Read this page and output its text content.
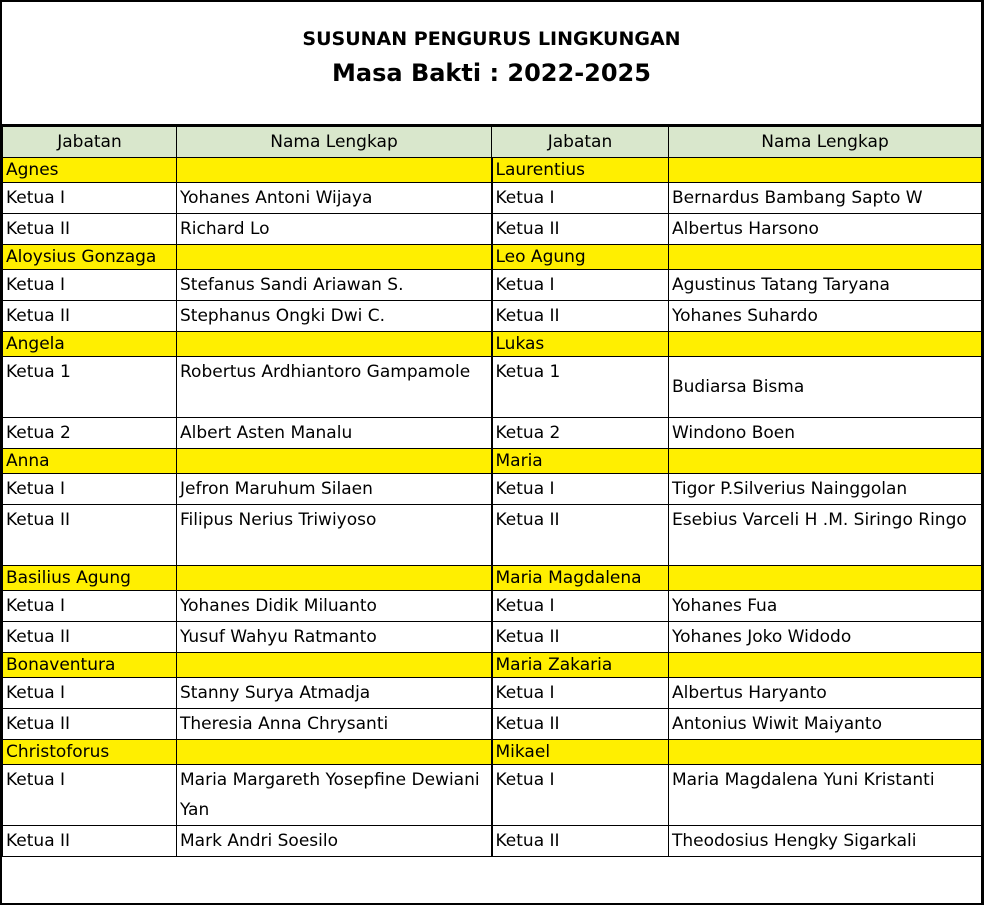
SUSUNAN PENGURUS LINGKUNGAN
Masa Bakti : 2022-2025
Jabatan	Nama Lengkap	Jabatan	Nama Lengkap
Agnes		Laurentius	
Ketua I	Yohanes Antoni Wijaya	Ketua I	Bernardus Bambang Sapto W
Ketua II	Richard Lo	Ketua II	Albertus Harsono
Aloysius Gonzaga		Leo Agung	
Ketua I	Stefanus Sandi Ariawan S.	Ketua I	Agustinus Tatang Taryana
Ketua II	Stephanus Ongki Dwi C.	Ketua II	Yohanes Suhardo
Angela		Lukas	
Ketua 1	Robertus Ardhiantoro Gampamole	Ketua 1	Budiarsa Bisma
Ketua 2	Albert Asten Manalu	Ketua 2	Windono Boen
Anna		Maria	
Ketua I	Jefron Maruhum Silaen	Ketua I	Tigor P.Silverius Nainggolan
Ketua II	Filipus Nerius Triwiyoso	Ketua II	Esebius Varceli H .M. Siringo Ringo
Basilius Agung		Maria Magdalena	
Ketua I	Yohanes Didik Miluanto	Ketua I	Yohanes Fua
Ketua II	Yusuf Wahyu Ratmanto	Ketua II	Yohanes Joko Widodo
Bonaventura		Maria Zakaria	
Ketua I	Stanny Surya Atmadja	Ketua I	Albertus Haryanto
Ketua II	Theresia Anna Chrysanti	Ketua II	Antonius Wiwit Maiyanto
Christoforus		Mikael	
Ketua I	Maria Margareth Yosepfine Dewiani Yan	Ketua I	Maria Magdalena Yuni Kristanti
Ketua II	Mark Andri Soesilo	Ketua II	Theodosius Hengky Sigarkali
